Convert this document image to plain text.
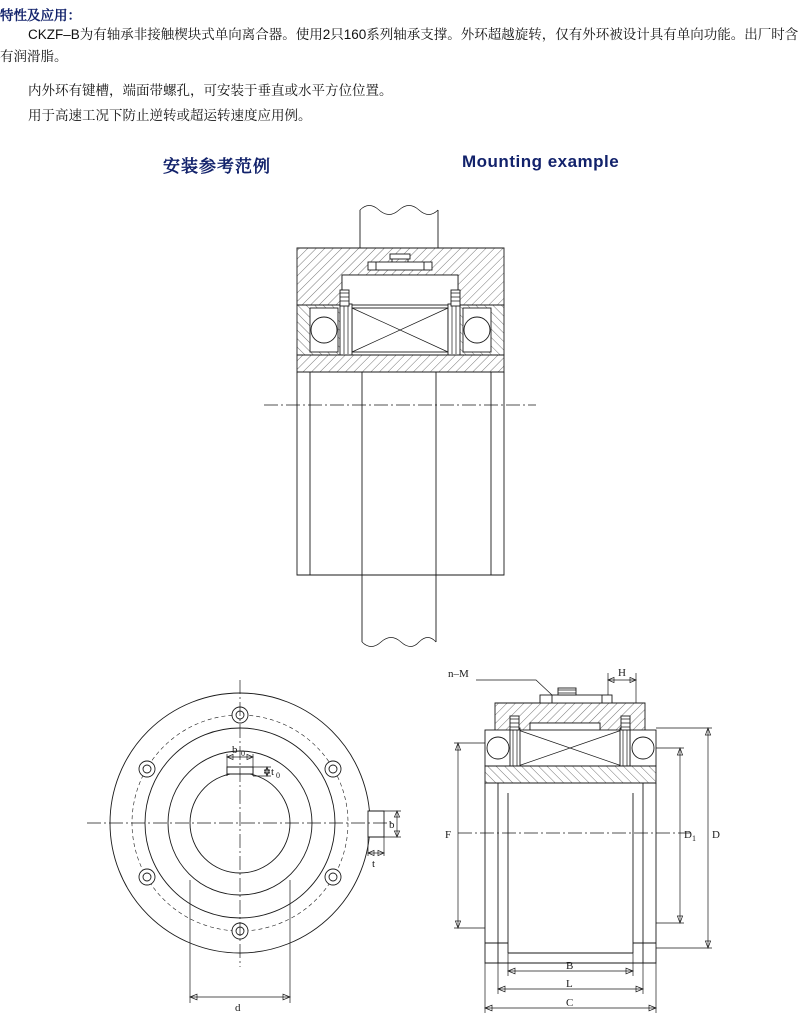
特性及应用：
CKZF–B为有轴承非接触楔块式单向离合器。使用2只160系列轴承支撑。外环超越旋转，仅有外环被设计具有单向功能。出厂时含有润滑脂。
内外环有键槽，端面带螺孔，可安装于垂直或水平方位位置。
用于高速工况下防止逆转或超运转速度应用例。
安装参考范例	Mounting example
b 0
t 0
b
t
d
n–M	H
F	D 1 D
B
L
C
